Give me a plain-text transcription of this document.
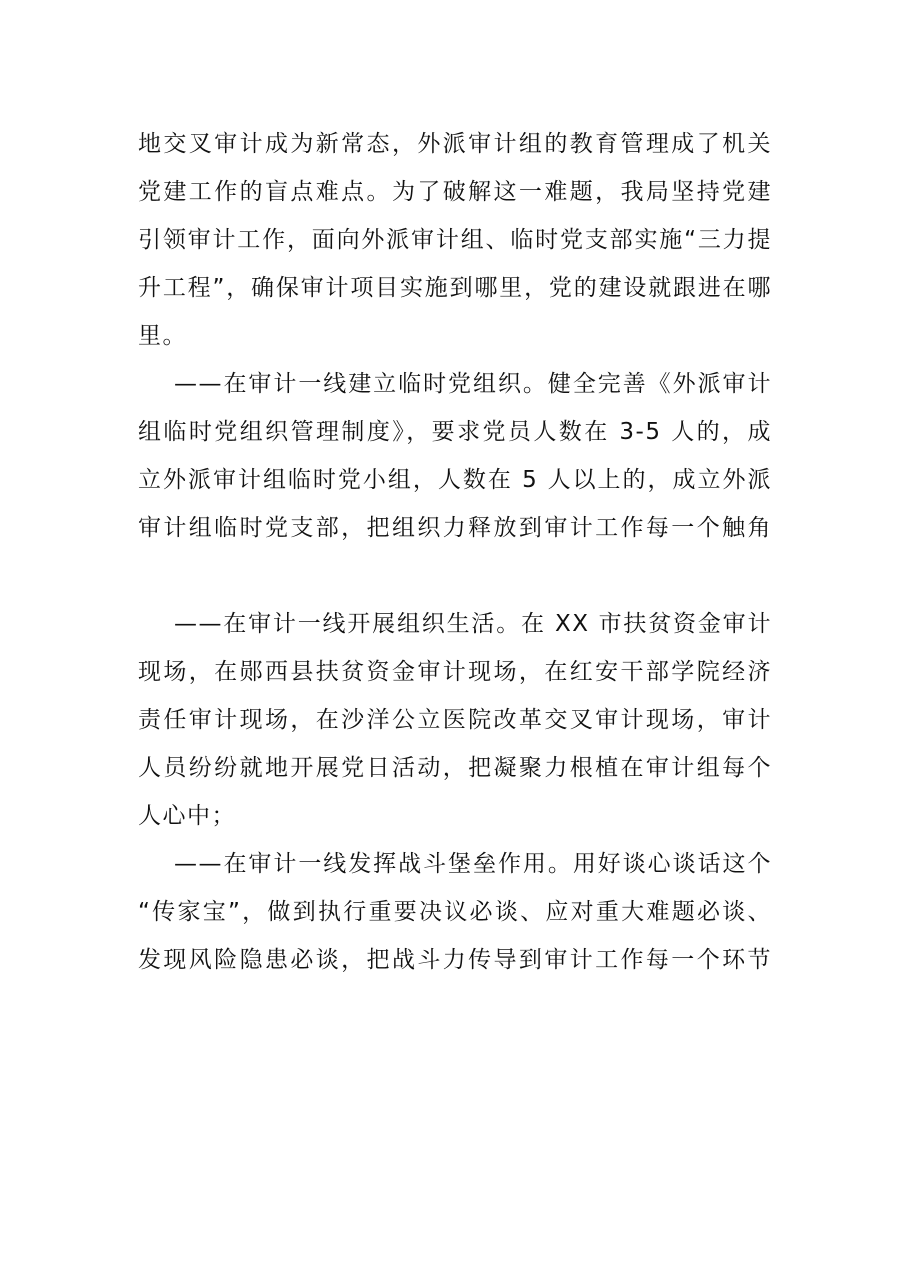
地交叉审计成为新常态，外派审计组的教育管理成了机关
党建工作的盲点难点。为了破解这一难题，我局坚持党建
引领审计工作，面向外派审计组、临时党支部实施“三力提
升工程”，确保审计项目实施到哪里，党的建设就跟进在哪
里。
——在审计一线建立临时党组织。健全完善《外派审计
组临时党组织管理制度》，要求党员人数在 3-5 人的，成
立外派审计组临时党小组，人数在 5 人以上的，成立外派
审计组临时党支部，把组织力释放到审计工作每一个触角
——在审计一线开展组织生活。在 XX 市扶贫资金审计
现场，在郧西县扶贫资金审计现场，在红安干部学院经济
责任审计现场，在沙洋公立医院改革交叉审计现场，审计
人员纷纷就地开展党日活动，把凝聚力根植在审计组每个
人心中；
——在审计一线发挥战斗堡垒作用。用好谈心谈话这个
“传家宝”，做到执行重要决议必谈、应对重大难题必谈、
发现风险隐患必谈，把战斗力传导到审计工作每一个环节
